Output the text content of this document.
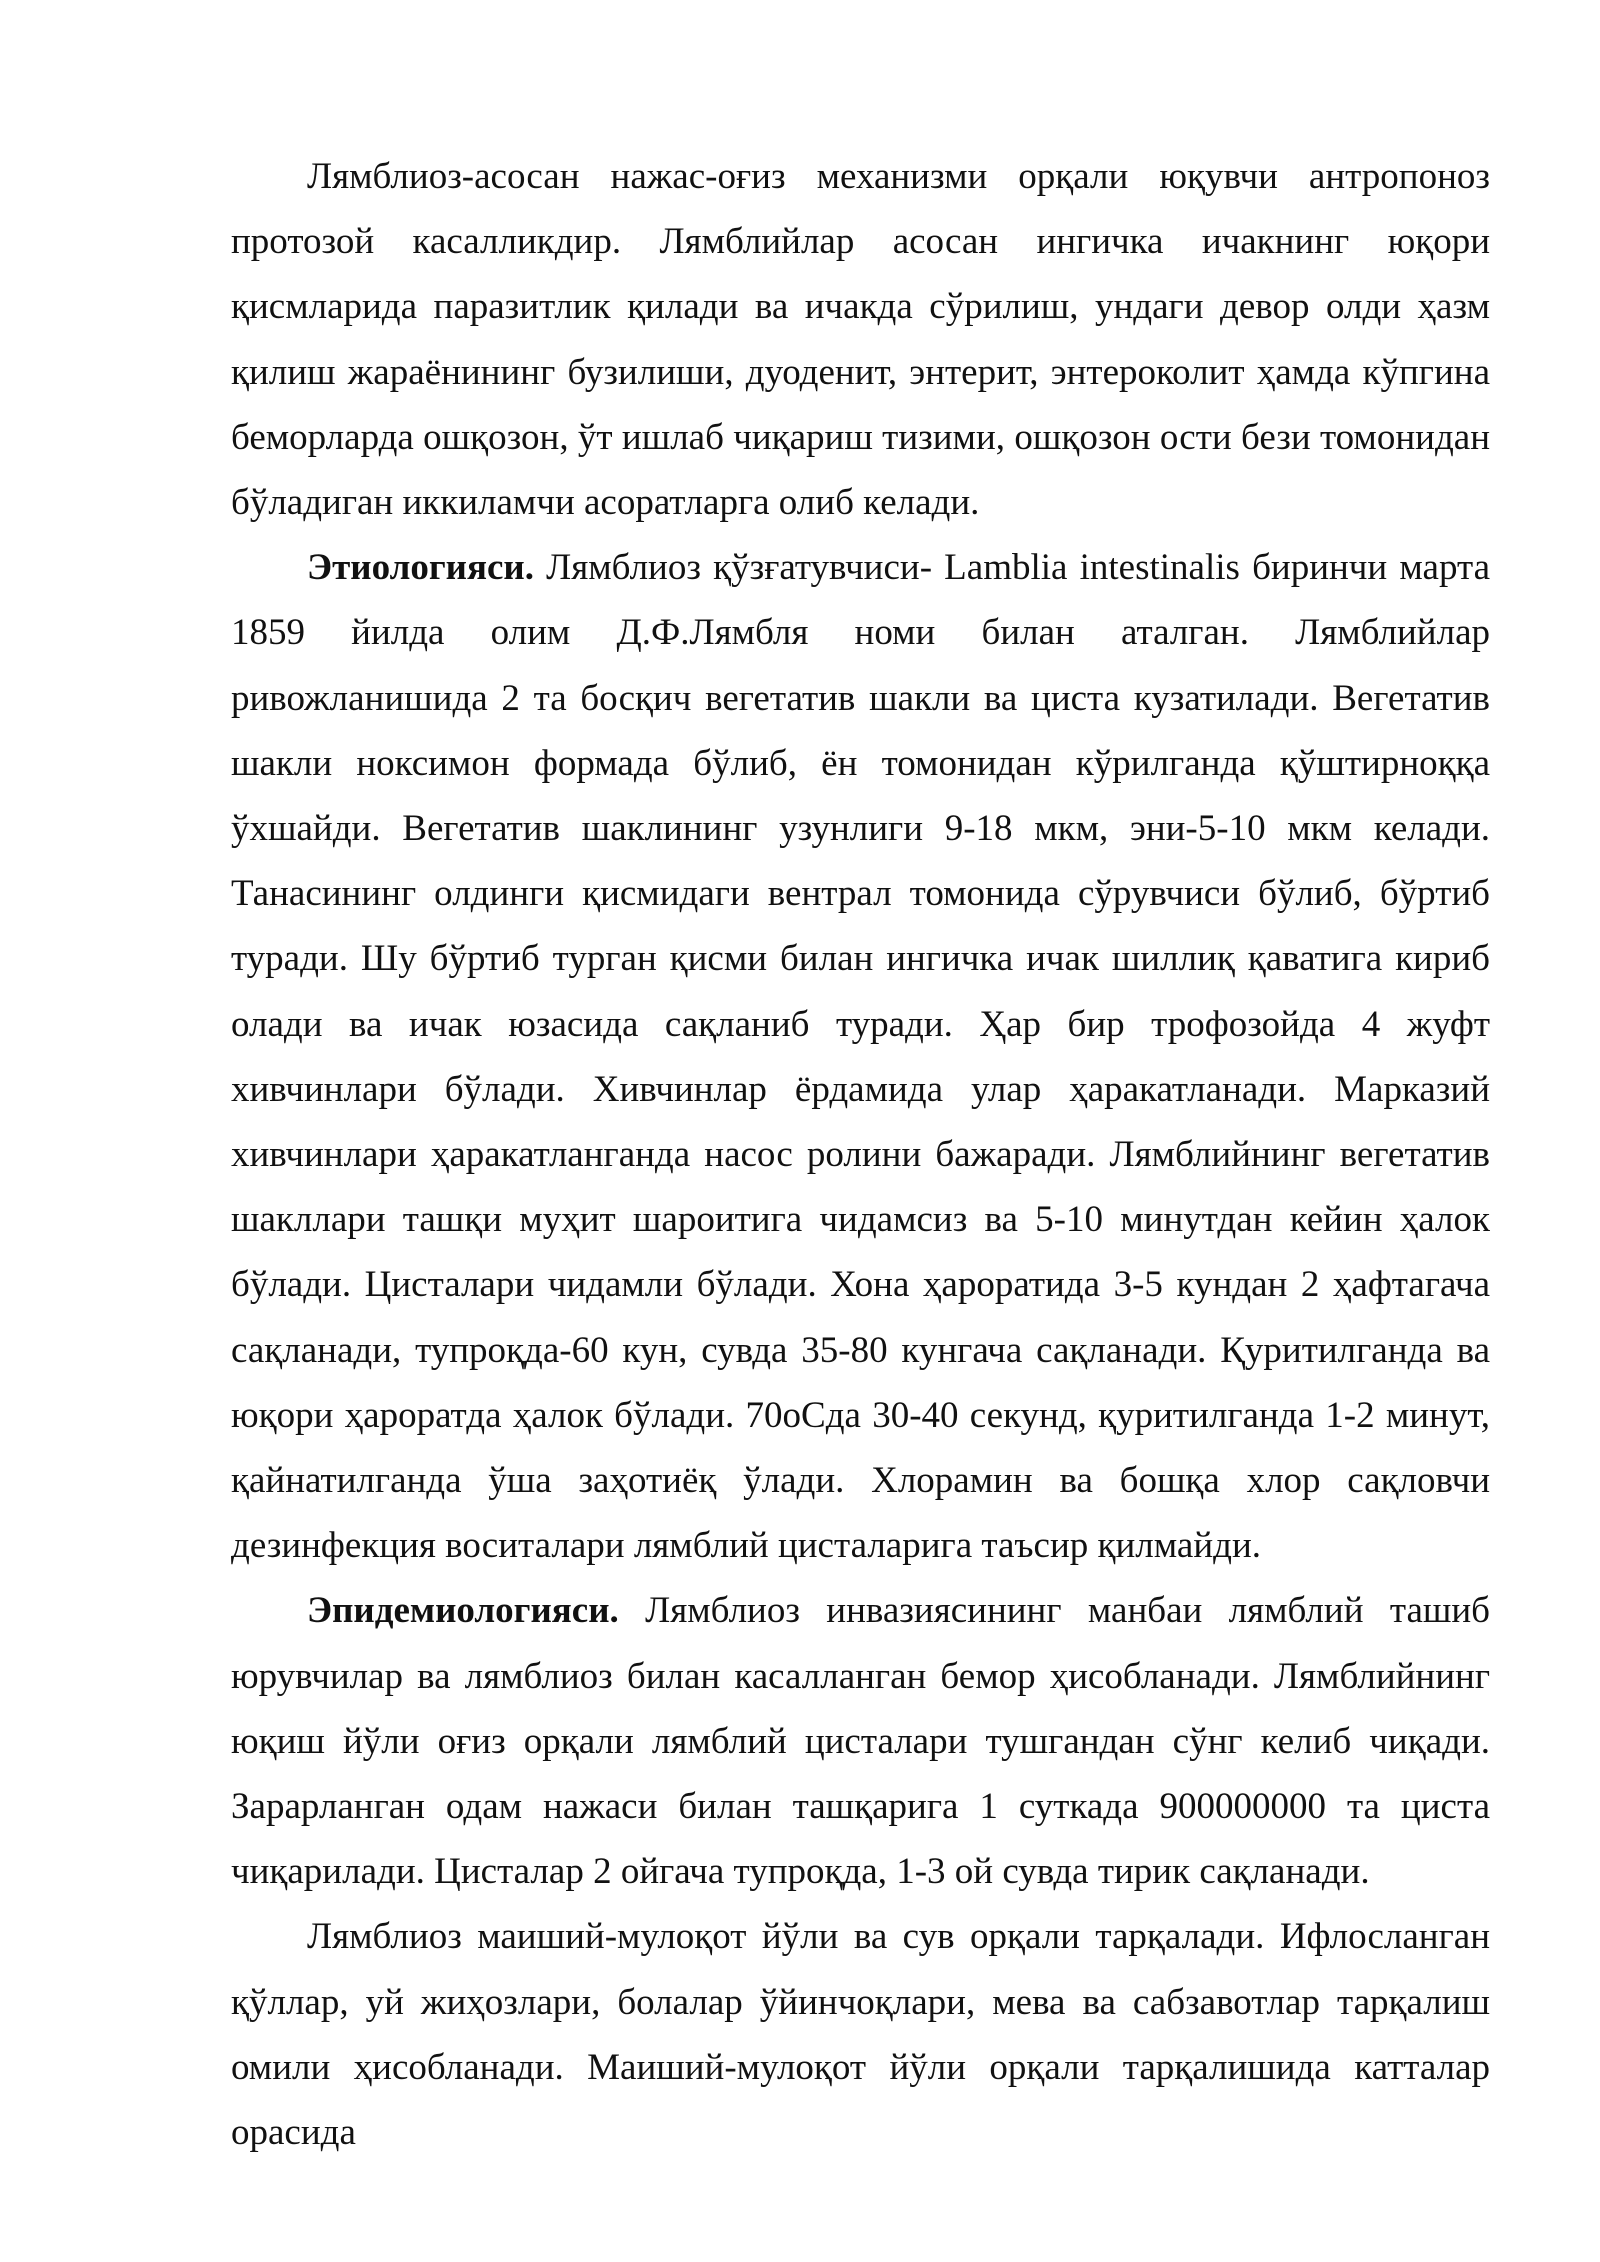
Лямблиоз-асосан нажас-оғиз механизми орқали юқувчи антропоноз протозой касалликдир. Лямблийлар асосан ингичка ичакнинг юқори қисмларида паразитлик қилади ва ичакда сўрилиш, ундаги девор олди ҳазм қилиш жараёнининг бузилиши, дуоденит, энтерит, энтероколит ҳамда кўпгина беморларда ошқозон, ўт ишлаб чиқариш тизими, ошқозон ости бези томонидан бўладиган иккиламчи асоратларга олиб келади.

Этиологияси. Лямблиоз қўзғатувчиси- Lamblia intestinalis биринчи марта 1859 йилда олим Д.Ф.Лямбля номи билан аталган. Лямблийлар ривожланишида 2 та босқич вегетатив шакли ва циста кузатилади. Вегетатив шакли ноксимон формада бўлиб, ён томонидан кўрилганда қўштирноққа ўхшайди. Вегетатив шаклининг узунлиги 9-18 мкм, эни-5-10 мкм келади. Танасининг олдинги қисмидаги вентрал томонида сўрувчиси бўлиб, бўртиб туради. Шу бўртиб турган қисми билан ингичка ичак шиллиқ қаватига кириб олади ва ичак юзасида сақланиб туради. Ҳар бир трофозойда 4 жуфт хивчинлари бўлади. Хивчинлар ёрдамида улар ҳаракатланади. Марказий хивчинлари ҳаракатланганда насос ролини бажаради. Лямблийнинг вегетатив шакллари ташқи муҳит шароитига чидамсиз ва 5-10 минутдан кейин ҳалок бўлади. Цисталари чидамли бўлади. Хона ҳароратида 3-5 кундан 2 ҳафтагача сақланади, тупроқда-60 кун, сувда 35-80 кунгача сақланади. Қуритилганда ва юқори ҳароратда ҳалок бўлади. 70оСда 30-40 секунд, қуритилганда 1-2 минут, қайнатилганда ўша заҳотиёқ ўлади. Хлорамин ва бошқа хлор сақловчи дезинфекция воситалари лямблий цисталарига таъсир қилмайди.

Эпидемиологияси. Лямблиоз инвазиясининг манбаи лямблий ташиб юрувчилар ва лямблиоз билан касалланган бемор ҳисобланади. Лямблийнинг юқиш йўли оғиз орқали лямблий цисталари тушгандан сўнг келиб чиқади. Зарарланган одам нажаси билан ташқарига 1 суткада 900000000 та циста чиқарилади. Цисталар 2 ойгача тупроқда, 1-3 ой сувда тирик сақланади.

Лямблиоз маиший-мулоқот йўли ва сув орқали тарқалади. Ифлосланган қўллар, уй жиҳозлари, болалар ўйинчоқлари, мева ва сабзавотлар тарқалиш омили ҳисобланади. Маиший-мулоқот йўли орқали тарқалишида катталар орасида
